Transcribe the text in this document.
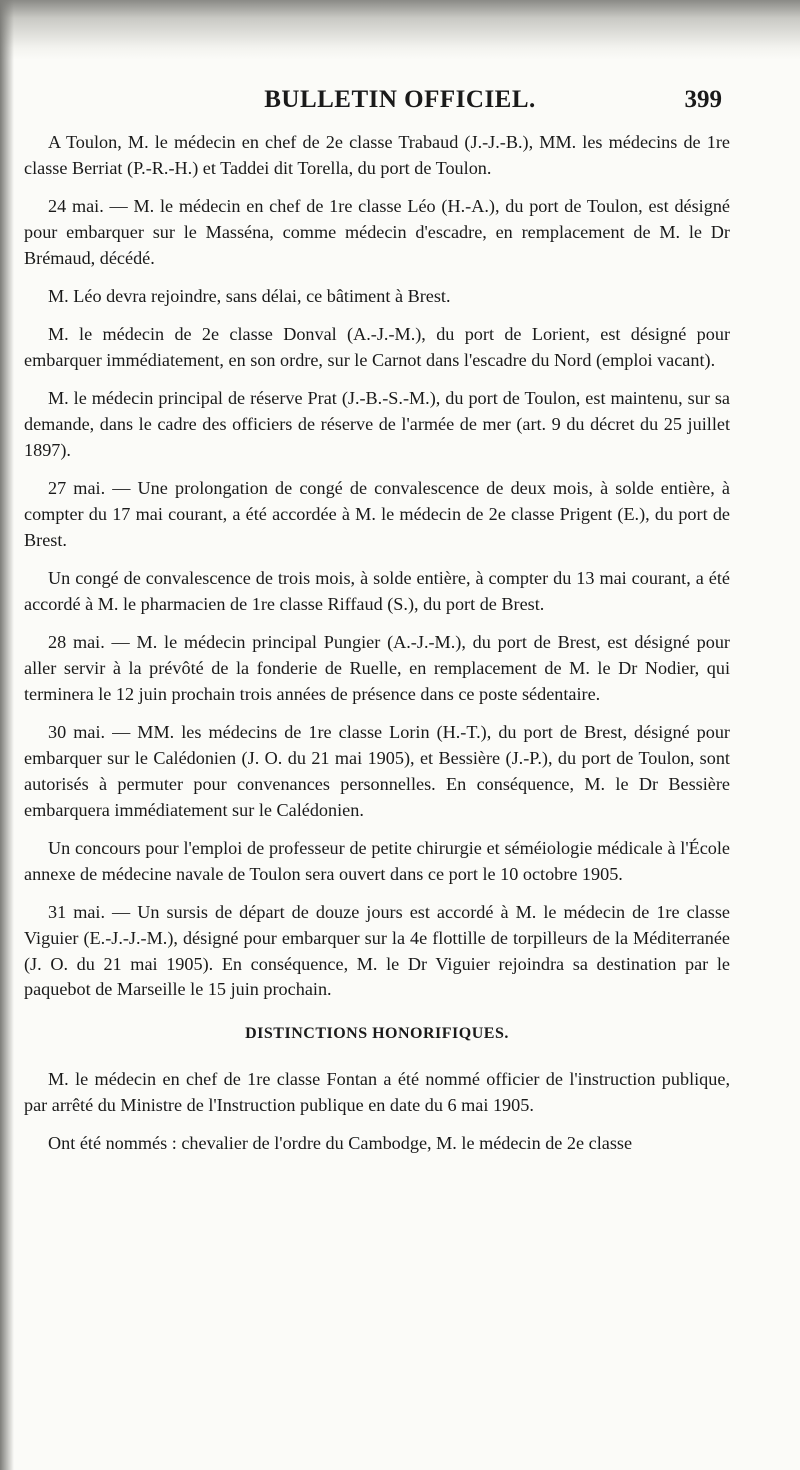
BULLETIN OFFICIEL.	399

A Toulon, M. le médecin en chef de 2e classe Trabaud (J.-J.-B.), MM. les médecins de 1re classe Berriat (P.-R.-H.) et Taddei dit Torella, du port de Toulon.

24 mai. — M. le médecin en chef de 1re classe Léo (H.-A.), du port de Toulon, est désigné pour embarquer sur le Masséna, comme médecin d'escadre, en remplacement de M. le Dr Brémaud, décédé.

M. Léo devra rejoindre, sans délai, ce bâtiment à Brest.

M. le médecin de 2e classe Donval (A.-J.-M.), du port de Lorient, est désigné pour embarquer immédiatement, en son ordre, sur le Carnot dans l'escadre du Nord (emploi vacant).

M. le médecin principal de réserve Prat (J.-B.-S.-M.), du port de Toulon, est maintenu, sur sa demande, dans le cadre des officiers de réserve de l'armée de mer (art. 9 du décret du 25 juillet 1897).

27 mai. — Une prolongation de congé de convalescence de deux mois, à solde entière, à compter du 17 mai courant, a été accordée à M. le médecin de 2e classe Prigent (E.), du port de Brest.

Un congé de convalescence de trois mois, à solde entière, à compter du 13 mai courant, a été accordé à M. le pharmacien de 1re classe Riffaud (S.), du port de Brest.

28 mai. — M. le médecin principal Pungier (A.-J.-M.), du port de Brest, est désigné pour aller servir à la prévôté de la fonderie de Ruelle, en remplacement de M. le Dr Nodier, qui terminera le 12 juin prochain trois années de présence dans ce poste sédentaire.

30 mai. — MM. les médecins de 1re classe Lorin (H.-T.), du port de Brest, désigné pour embarquer sur le Calédonien (J. O. du 21 mai 1905), et Bessière (J.-P.), du port de Toulon, sont autorisés à permuter pour convenances personnelles. En conséquence, M. le Dr Bessière embarquera immédiatement sur le Calédonien.

Un concours pour l'emploi de professeur de petite chirurgie et séméiologie médicale à l'École annexe de médecine navale de Toulon sera ouvert dans ce port le 10 octobre 1905.

31 mai. — Un sursis de départ de douze jours est accordé à M. le médecin de 1re classe Viguier (E.-J.-J.-M.), désigné pour embarquer sur la 4e flottille de torpilleurs de la Méditerranée (J. O. du 21 mai 1905). En conséquence, M. le Dr Viguier rejoindra sa destination par le paquebot de Marseille le 15 juin prochain.

DISTINCTIONS HONORIFIQUES.

M. le médecin en chef de 1re classe Fontan a été nommé officier de l'instruction publique, par arrêté du Ministre de l'Instruction publique en date du 6 mai 1905.

Ont été nommés : chevalier de l'ordre du Cambodge, M. le médecin de 2e classe
